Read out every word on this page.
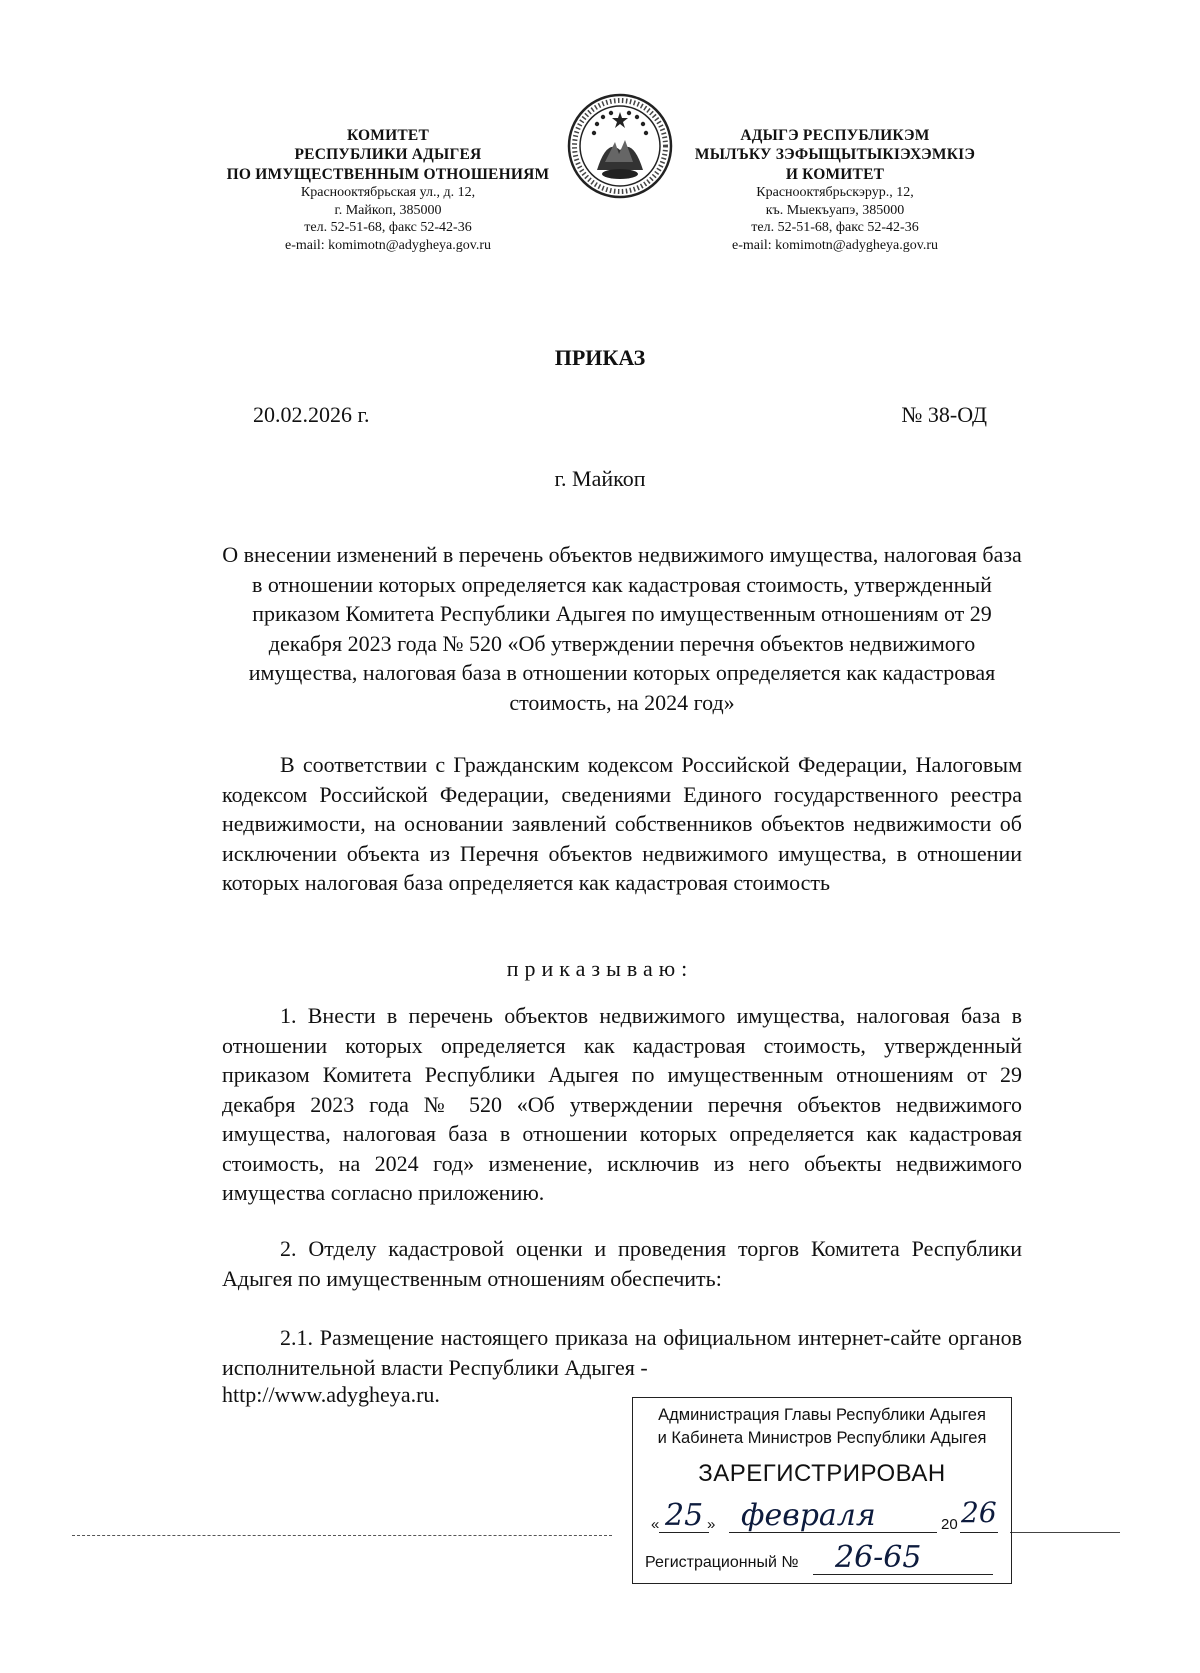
КОМИТЕТ
РЕСПУБЛИКИ АДЫГЕЯ
ПО ИМУЩЕСТВЕННЫМ ОТНОШЕНИЯМ
Краснооктябрьская ул., д. 12,
г. Майкоп, 385000
тел. 52-51-68, факс 52-42-36
e-mail: komimotn@adygheya.gov.ru
АДЫГЭ РЕСПУБЛИКЭМ
МЫЛЪКУ ЗЭФЫЩЫТЫКIЭХЭМКIЭ
И КОМИТЕТ
Краснооктябрьскэрур., 12,
къ. Мыекъуапэ, 385000
тел. 52-51-68, факс 52-42-36
e-mail: komimotn@adygheya.gov.ru
ПРИКАЗ
20.02.2026 г.	№ 38-ОД
г. Майкоп
О внесении изменений в перечень объектов недвижимого имущества, налоговая база в отношении которых определяется как кадастровая стоимость, утвержденный приказом Комитета Республики Адыгея по имущественным отношениям от 29 декабря 2023 года № 520 «Об утверждении перечня объектов недвижимого имущества, налоговая база в отношении которых определяется как кадастровая стоимость, на 2024 год»
В соответствии с Гражданским кодексом Российской Федерации, Налоговым кодексом Российской Федерации, сведениями Единого государственного реестра недвижимости, на основании заявлений собственников объектов недвижимости об исключении объекта из Перечня объектов недвижимого имущества, в отношении которых налоговая база определяется как кадастровая стоимость
приказываю:
1. Внести в перечень объектов недвижимого имущества, налоговая база в отношении которых определяется как кадастровая стоимость, утвержденный приказом Комитета Республики Адыгея по имущественным отношениям от 29 декабря 2023 года № 520 «Об утверждении перечня объектов недвижимого имущества, налоговая база в отношении которых определяется как кадастровая стоимость, на 2024 год» изменение, исключив из него объекты недвижимого имущества согласно приложению.
2. Отделу кадастровой оценки и проведения торгов Комитета Республики Адыгея по имущественным отношениям обеспечить:
2.1. Размещение настоящего приказа на официальном интернет-сайте органов исполнительной власти Республики Адыгея -
http://www.adygheya.ru.
Администрация Главы Республики Адыгея
и Кабинета Министров Республики Адыгея
ЗАРЕГИСТРИРОВАН
« 25 » февраля	20 26
Регистрационный № 26-65
